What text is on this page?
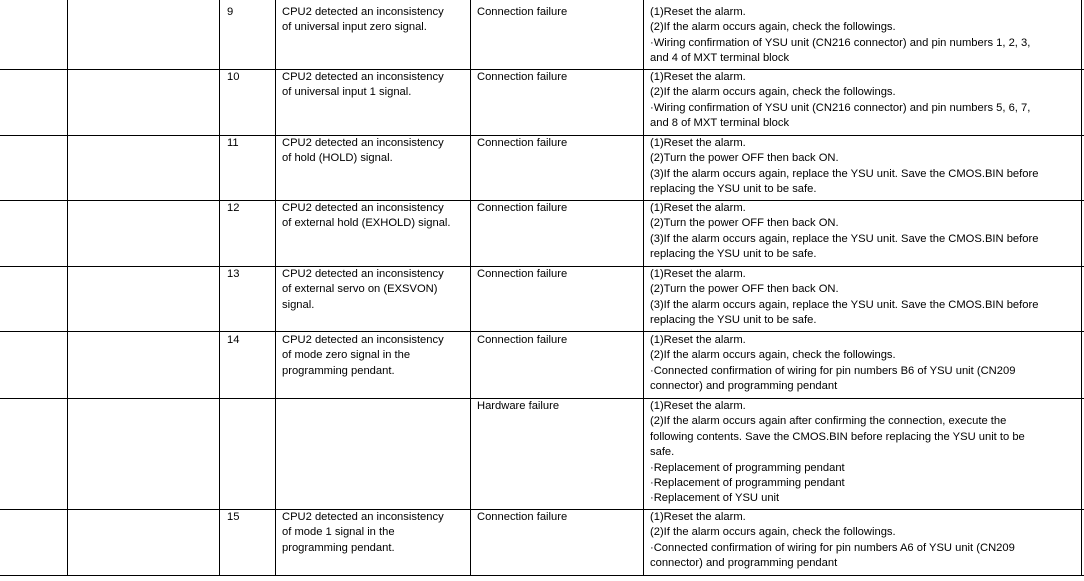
9	CPU2 detected an inconsistency
of universal input zero signal.
Connection failure	(1)Reset the alarm.
(2)If the alarm occurs again, check the followings.
·Wiring confirmation of YSU unit (CN216 connector) and pin numbers 1, 2, 3,
and 4 of MXT terminal block
10	CPU2 detected an inconsistency
of universal input 1 signal.
Connection failure	(1)Reset the alarm.
(2)If the alarm occurs again, check the followings.
·Wiring confirmation of YSU unit (CN216 connector) and pin numbers 5, 6, 7,
and 8 of MXT terminal block
11	CPU2 detected an inconsistency
of hold (HOLD) signal.
Connection failure	(1)Reset the alarm.
(2)Turn the power OFF then back ON.
(3)If the alarm occurs again, replace the YSU unit. Save the CMOS.BIN before
replacing the YSU unit to be safe.
12	CPU2 detected an inconsistency
of external hold (EXHOLD) signal.
Connection failure	(1)Reset the alarm.
(2)Turn the power OFF then back ON.
(3)If the alarm occurs again, replace the YSU unit. Save the CMOS.BIN before
replacing the YSU unit to be safe.
13	CPU2 detected an inconsistency
of external servo on (EXSVON)
signal.
Connection failure	(1)Reset the alarm.
(2)Turn the power OFF then back ON.
(3)If the alarm occurs again, replace the YSU unit. Save the CMOS.BIN before
replacing the YSU unit to be safe.
14	CPU2 detected an inconsistency
of mode zero signal in the
programming pendant.
Connection failure	(1)Reset the alarm.
(2)If the alarm occurs again, check the followings.
·Connected confirmation of wiring for pin numbers B6 of YSU unit (CN209
connector) and programming pendant
Hardware failure	(1)Reset the alarm.
(2)If the alarm occurs again after confirming the connection, execute the
following contents. Save the CMOS.BIN before replacing the YSU unit to be
safe.
·Replacement of programming pendant
·Replacement of programming pendant
·Replacement of YSU unit
15	CPU2 detected an inconsistency
of mode 1 signal in the
programming pendant.
Connection failure	(1)Reset the alarm.
(2)If the alarm occurs again, check the followings.
·Connected confirmation of wiring for pin numbers A6 of YSU unit (CN209
connector) and programming pendant
